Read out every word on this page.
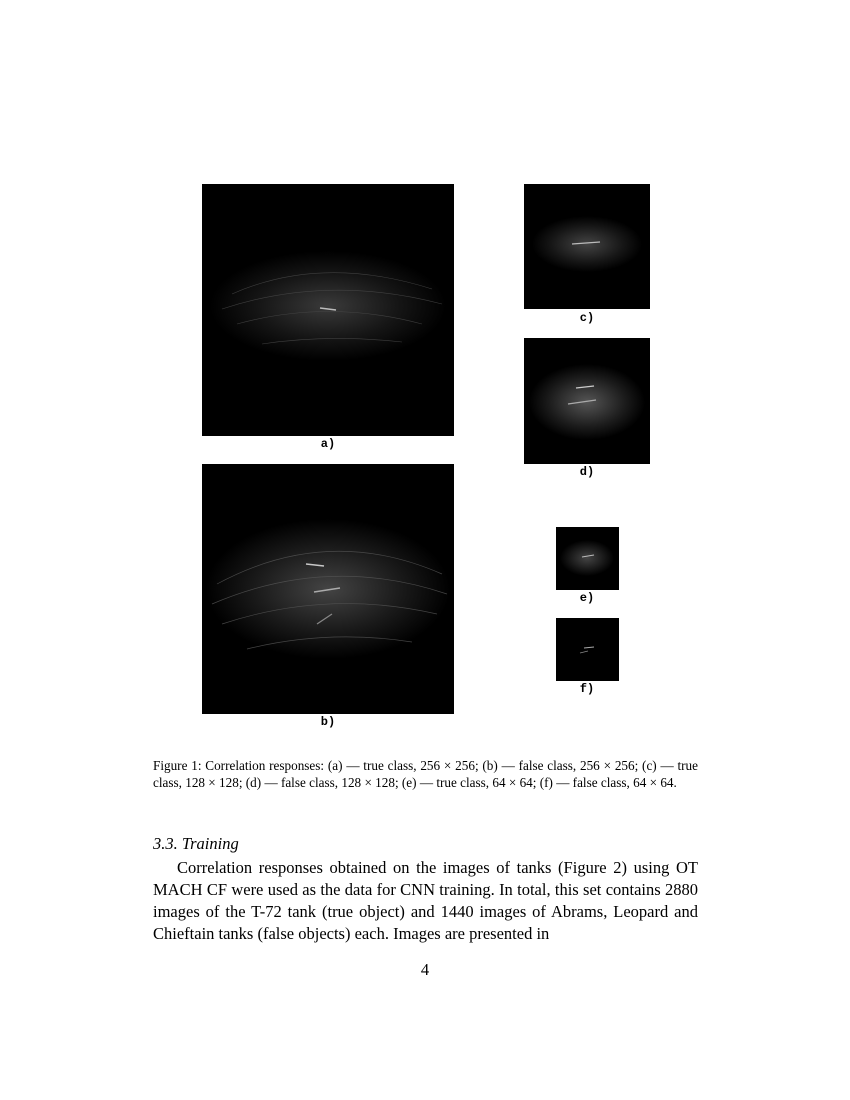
a)
b)
c)
d)
e)
f)
Figure 1: Correlation responses: (a) — true class, 256 × 256; (b) — false class, 256 × 256; (c) — true class, 128 × 128; (d) — false class, 128 × 128; (e) — true class, 64 × 64; (f) — false class, 64 × 64.
3.3. Training

Correlation responses obtained on the images of tanks (Figure 2) using OT MACH CF were used as the data for CNN training. In total, this set contains 2880 images of the T-72 tank (true object) and 1440 images of Abrams, Leopard and Chieftain tanks (false objects) each. Images are presented in

4
